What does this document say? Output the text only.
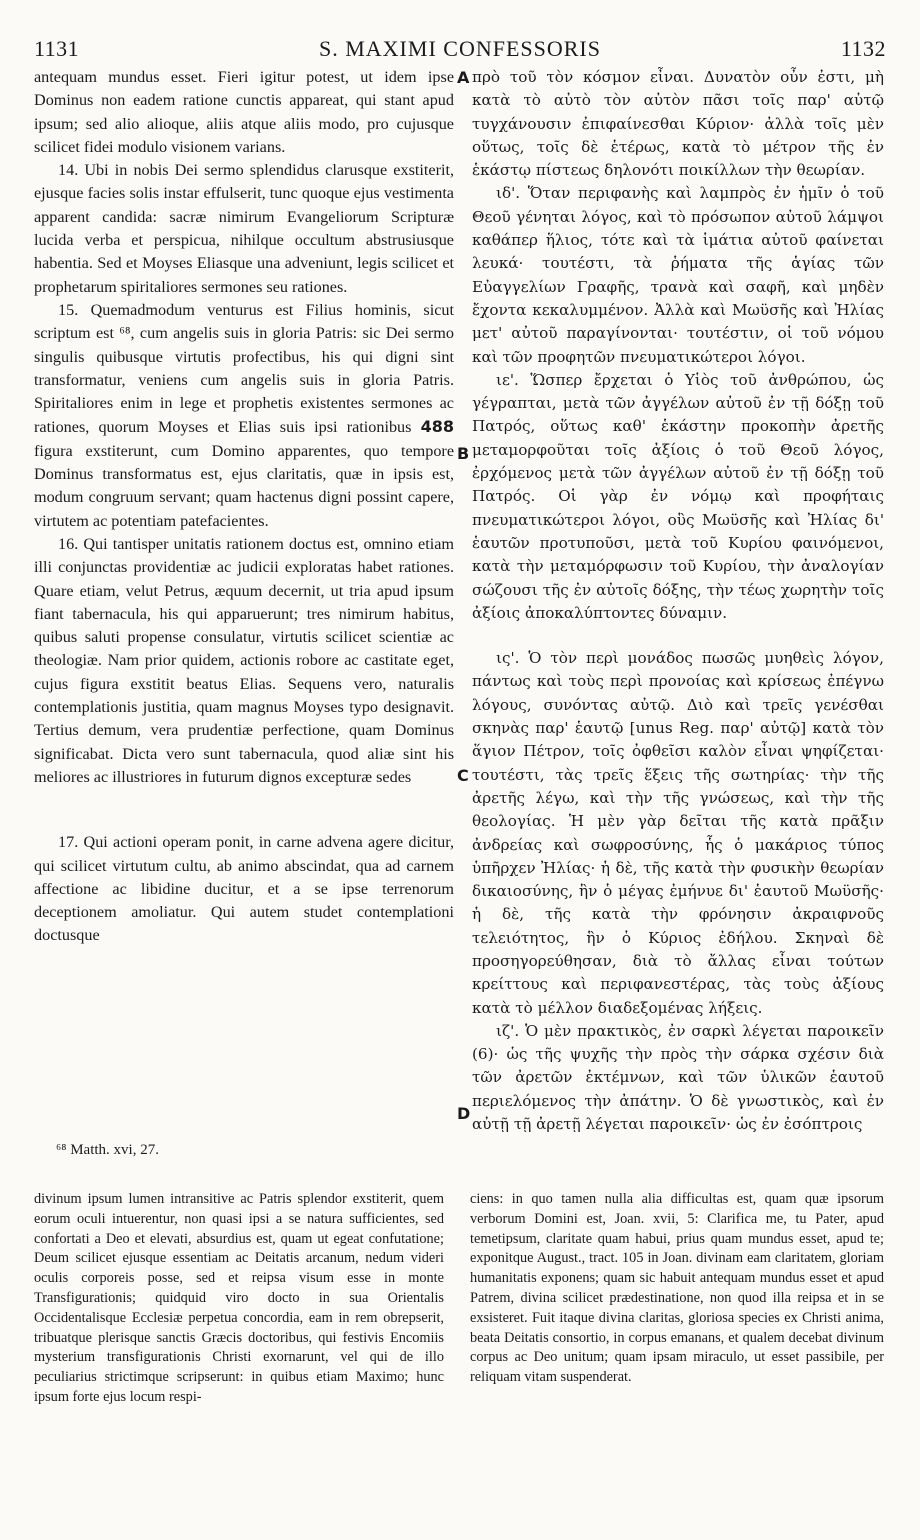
1131	S. MAXIMI CONFESSORIS	1132
A
B
C
D

antequam mundus esset. Fieri igitur potest, ut idem ipse Dominus non eadem ratione cunctis appareat, qui stant apud ipsum; sed alio alioque, aliis atque aliis modo, pro cujusque scilicet fidei modulo visionem varians.

14. Ubi in nobis Dei sermo splendidus clarusque exstiterit, ejusque facies solis instar effulserit, tunc quoque ejus vestimenta apparent candida: sacræ nimirum Evangeliorum Scripturæ lucida verba et perspicua, nihilque occultum abstrusiusque habentia. Sed et Moyses Eliasque una adveniunt, legis scilicet et prophetarum spiritaliores sermones seu rationes.

15. Quemadmodum venturus est Filius hominis, sicut scriptum est ⁶⁸, cum angelis suis in gloria Patris: sic Dei sermo singulis quibusque virtutis profectibus, his qui digni sint transformatur, veniens cum angelis suis in gloria Patris. Spiritaliores enim in lege et prophetis existentes sermones ac rationes, quorum Moyses et Elias suis ipsi rationibus 488 figura exstiterunt, cum Domino apparentes, quo tempore Dominus transformatus est, ejus claritatis, quæ in ipsis est, modum congruum servant; quam hactenus digni possint capere, virtutem ac potentiam patefacientes.

16. Qui tantisper unitatis rationem doctus est, omnino etiam illi conjunctas providentiæ ac judicii exploratas habet rationes. Quare etiam, velut Petrus, æquum decernit, ut tria apud ipsum fiant tabernacula, his qui apparuerunt; tres nimirum habitus, quibus saluti propense consulatur, virtutis scilicet scientiæ ac theologiæ. Nam prior quidem, actionis robore ac castitate eget, cujus figura exstitit beatus Elias. Sequens vero, naturalis contemplationis justitia, quam magnus Moyses typo designavit. Tertius demum, vera prudentiæ perfectione, quam Dominus significabat. Dicta vero sunt tabernacula, quod aliæ sint his meliores ac illustriores in futurum dignos excepturæ sedes

17. Qui actioni operam ponit, in carne advena agere dicitur, qui scilicet virtutum cultu, ab animo abscindat, qua ad carnem affectione ac libidine ducitur, et a se ipse terrenorum deceptionem amoliatur. Qui autem studet contemplationi doctusque

πρὸ τοῦ τὸν κόσμον εἶναι. Δυνατὸν οὖν ἐστι, μὴ κατὰ τὸ αὐτὸ τὸν αὐτὸν πᾶσι τοῖς παρ' αὐτῷ τυγχάνουσιν ἐπιφαίνεσθαι Κύριον· ἀλλὰ τοῖς μὲν οὕτως, τοῖς δὲ ἑτέρως, κατὰ τὸ μέτρον τῆς ἐν ἑκάστῳ πίστεως δηλονότι ποικίλλων τὴν θεωρίαν.

ιδ'. Ὅταν περιφανὴς καὶ λαμπρὸς ἐν ἡμῖν ὁ τοῦ Θεοῦ γένηται λόγος, καὶ τὸ πρόσωπον αὐτοῦ λάμψοι καθάπερ ἥλιος, τότε καὶ τὰ ἱμάτια αὐτοῦ φαίνεται λευκά· τουτέστι, τὰ ῥήματα τῆς ἁγίας τῶν Εὐαγγελίων Γραφῆς, τρανὰ καὶ σαφῆ, καὶ μηδὲν ἔχοντα κεκαλυμμένον. Ἀλλὰ καὶ Μωϋσῆς καὶ Ἠλίας μετ' αὐτοῦ παραγίνονται· τουτέστιν, οἱ τοῦ νόμου καὶ τῶν προφητῶν πνευματικώτεροι λόγοι.

ιε'. Ὥσπερ ἔρχεται ὁ Υἱὸς τοῦ ἀνθρώπου, ὡς γέγραπται, μετὰ τῶν ἀγγέλων αὐτοῦ ἐν τῇ δόξῃ τοῦ Πατρός, οὕτως καθ' ἑκάστην προκοπὴν ἀρετῆς μεταμορφοῦται τοῖς ἀξίοις ὁ τοῦ Θεοῦ λόγος, ἐρχόμενος μετὰ τῶν ἀγγέλων αὐτοῦ ἐν τῇ δόξῃ τοῦ Πατρός. Οἱ γὰρ ἐν νόμῳ καὶ προφήταις πνευματικώτεροι λόγοι, οὓς Μωϋσῆς καὶ Ἠλίας δι' ἑαυτῶν προτυποῦσι, μετὰ τοῦ Κυρίου φαινόμενοι, κατὰ τὴν μεταμόρφωσιν τοῦ Κυρίου, τὴν ἀναλογίαν σώζουσι τῆς ἐν αὐτοῖς δόξης, τὴν τέως χωρητὴν τοῖς ἀξίοις ἀποκαλύπτοντες δύναμιν.

ις'. Ὁ τὸν περὶ μονάδος πωσῶς μυηθεὶς λόγον, πάντως καὶ τοὺς περὶ προνοίας καὶ κρίσεως ἐπέγνω λόγους, συνόντας αὐτῷ. Διὸ καὶ τρεῖς γενέσθαι σκηνὰς παρ' ἑαυτῷ [unus Reg. παρ' αὐτῷ] κατὰ τὸν ἅγιον Πέτρον, τοῖς ὀφθεῖσι καλὸν εἶναι ψηφίζεται· τουτέστι, τὰς τρεῖς ἕξεις τῆς σωτηρίας· τὴν τῆς ἀρετῆς λέγω, καὶ τὴν τῆς γνώσεως, καὶ τὴν τῆς θεολογίας. Ἡ μὲν γὰρ δεῖται τῆς κατὰ πρᾶξιν ἀνδρείας καὶ σωφροσύνης, ἧς ὁ μακάριος τύπος ὑπῆρχεν Ἠλίας· ἡ δὲ, τῆς κατὰ τὴν φυσικὴν θεωρίαν δικαιοσύνης, ἣν ὁ μέγας ἐμήνυε δι' ἑαυτοῦ Μωϋσῆς· ἡ δὲ, τῆς κατὰ τὴν φρόνησιν ἀκραιφνοῦς τελειότητος, ἣν ὁ Κύριος ἐδήλου. Σκηναὶ δὲ προσηγορεύθησαν, διὰ τὸ ἄλλας εἶναι τούτων κρείττους καὶ περιφανεστέρας, τὰς τοὺς ἀξίους κατὰ τὸ μέλλον διαδεξομένας λήξεις.

ιζ'. Ὁ μὲν πρακτικὸς, ἐν σαρκὶ λέγεται παροικεῖν (6)· ὡς τῆς ψυχῆς τὴν πρὸς τὴν σάρκα σχέσιν διὰ τῶν ἀρετῶν ἐκτέμνων, καὶ τῶν ὑλικῶν ἑαυτοῦ περιελόμενος τὴν ἀπάτην. Ὁ δὲ γνωστικὸς, καὶ ἐν αὐτῇ τῇ ἀρετῇ λέγεται παροικεῖν· ὡς ἐν ἐσόπτροις

⁶⁸ Matth. xvi, 27.
divinum ipsum lumen intransitive ac Patris splendor exstiterit, quem eorum oculi intuerentur, non quasi ipsi a se natura sufficientes, sed confortati a Deo et elevati, absurdius est, quam ut egeat confutatione; Deum scilicet ejusque essentiam ac Deitatis arcanum, nedum videri oculis corporeis posse, sed et reipsa visum esse in monte Transfigurationis; quidquid viro docto in sua Orientalis Occidentalisque Ecclesiæ perpetua concordia, eam in rem obrepserit, tribuatque plerisque sanctis Græcis doctoribus, qui festivis Encomiis mysterium transfigurationis Christi exornarunt, vel qui de illo peculiarius strictimque scripserunt: in quibus etiam Maximo; hunc ipsum forte ejus locum respi-
ciens: in quo tamen nulla alia difficultas est, quam quæ ipsorum verborum Domini est, Joan. xvii, 5: Clarifica me, tu Pater, apud temetipsum, claritate quam habui, prius quam mundus esset, apud te; exponitque August., tract. 105 in Joan. divinam eam claritatem, gloriam humanitatis exponens; quam sic habuit antequam mundus esset et apud Patrem, divina scilicet prædestinatione, non quod illa reipsa et in se exsisteret. Fuit itaque divina claritas, gloriosa species ex Christi anima, beata Deitatis consortio, in corpus emanans, et qualem decebat divinum corpus ac Deo unitum; quam ipsam miraculo, ut esset passibile, per reliquam vitam suspenderat.
